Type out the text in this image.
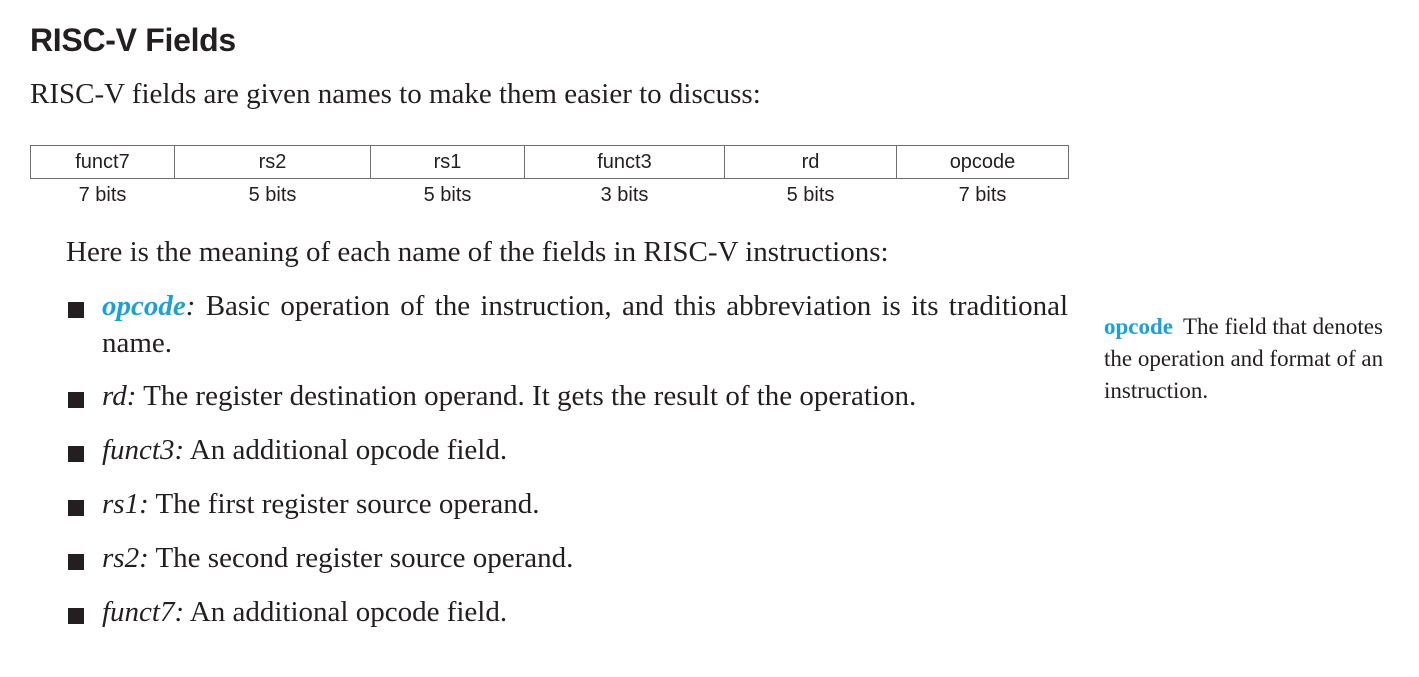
RISC-V Fields

RISC-V fields are given names to make them easier to discuss:

funct7	rs2	rs1	funct3	rd	opcode
7 bits	5 bits	5 bits	3 bits	5 bits	7 bits

Here is the meaning of each name of the fields in RISC-V instructions:

opcode: Basic operation of the instruction, and this abbreviation is its traditional name.
rd: The register destination operand. It gets the result of the operation.
funct3: An additional opcode field.
rs1: The first register source operand.
rs2: The second register source operand.
funct7: An additional opcode field.

opcode The field that denotes the operation and format of an instruction.
